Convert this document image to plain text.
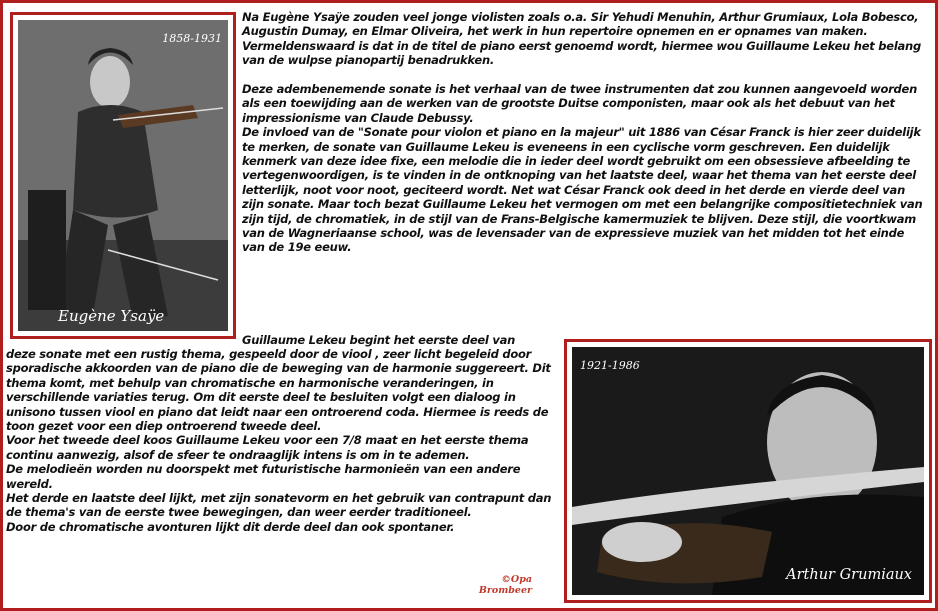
1858-1931
Eugène Ysaÿe
1921-1986
Arthur Grumiaux

Na Eugène Ysaÿe zouden veel jonge violisten zoals o.a. Sir Yehudi Menuhin, Arthur Grumiaux, Lola Bobesco, Augustin Dumay, en Elmar Oliveira, het werk in hun repertoire opnemen en er opnames van maken. Vermeldenswaard is dat in de titel de piano eerst genoemd wordt, hiermee wou Guillaume Lekeu het belang van de wulpse pianopartij benadrukken.

Deze adembenemende sonate is het verhaal van de twee instrumenten dat zou kunnen aangevoeld worden als een toewijding aan de werken van de grootste Duitse componisten, maar ook als het debuut van het impressionisme van Claude Debussy.

De invloed van de "Sonate pour violon et piano en la majeur" uit 1886 van César Franck is hier zeer duidelijk te merken, de sonate van Guillaume Lekeu is eveneens in een cyclische vorm geschreven. Een duidelijk kenmerk van deze idee fixe, een melodie die in ieder deel wordt gebruikt om een obsessieve afbeelding te vertegenwoordigen, is te vinden in de ontknoping van het laatste deel, waar het thema van het eerste deel letterlijk, noot voor noot, geciteerd wordt. Net wat César Franck ook deed in het derde en vierde deel van zijn sonate. Maar toch bezat Guillaume Lekeu het vermogen om met een belangrijke compositietechniek van zijn tijd, de chromatiek, in de stijl van de Frans-Belgische kamermuziek te blijven. Deze stijl, die voortkwam van de Wagneriaanse school, was de levensader van de expressieve muziek van het midden tot het einde van de 19e eeuw.

Guillaume Lekeu begint het eerste deel van

deze sonate met een rustig thema, gespeeld door de viool , zeer licht begeleid door sporadische akkoorden van de piano die de beweging van de harmonie suggereert. Dit thema komt, met behulp van chromatische en harmonische veranderingen, in verschillende variaties terug. Om dit eerste deel te besluiten volgt een dialoog in unisono tussen viool en piano dat leidt naar een ontroerend coda. Hiermee is reeds de toon gezet voor een diep ontroerend tweede deel.

Voor het tweede deel koos Guillaume Lekeu voor een 7/8 maat en het eerste thema continu aanwezig, alsof de sfeer te ondraaglijk intens is om in te ademen.

De melodieën worden nu doorspekt met futuristische harmonieën van een andere wereld.

Het derde en laatste deel lijkt, met zijn sonatevorm en het gebruik van contrapunt dan de thema's van de eerste twee bewegingen, dan weer eerder traditioneel.

Door de chromatische avonturen lijkt dit derde deel dan ook spontaner.

©Opa
Brombeer
